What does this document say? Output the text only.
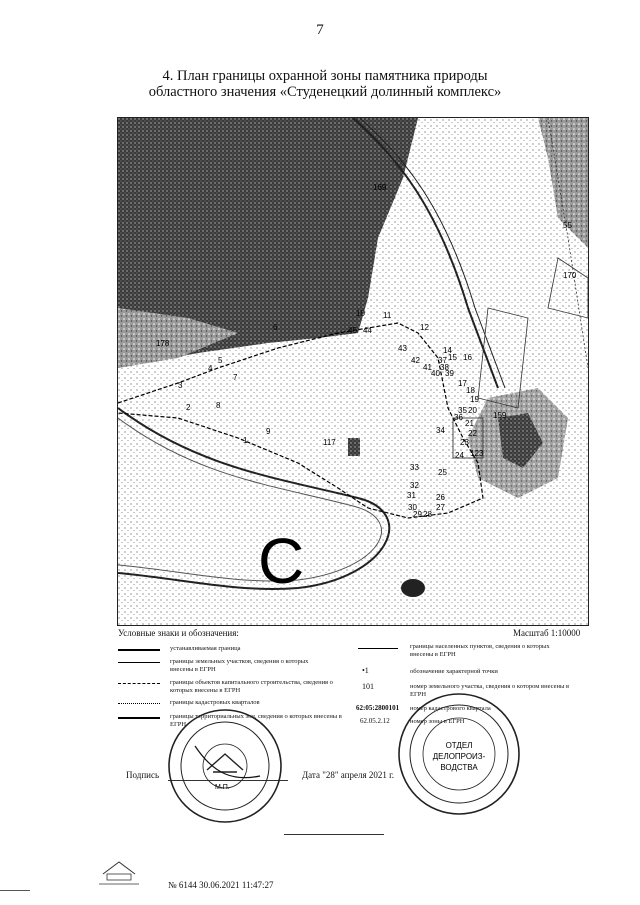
7
4. План границы охранной зоны памятника природы
областного значения «Студенецкий долинный комплекс»
C
169
170
55
178
1
2
3
4
5
6
7
8
9
10 11
12
14
15 16
17
18
19
20
21
22
23
24
25
26
27
28
29
30
31
32
33
34
35
36
37
38
39
40
41
42
43
44
45
117
159
123
Условные знаки и обозначения:	Масштаб 1:10000
устанавливаемая граница
границы земельных участков, сведения о которых внесены в ЕГРН
границы объектов капитального строительства, сведения о которых внесены в ЕГРН
границы кадастровых кварталов
границы территориальных зон, сведения о которых внесены в ЕГРН
границы населенных пунктов, сведения о которых внесены в ЕГРН
•1	обозначение характерной точки
101	номер земельного участка, сведения о котором внесены в ЕГРН
62:05:2800101 номер кадастрового квартала
62.05.2.12	номер зоны в ЕГРН
Подпись	Дата "28" апреля 2021 г.
М.П.
ОТДЕЛ
ДЕЛОПРОИЗ-
ВОДСТВА
№ 6144 30.06.2021 11:47:27
